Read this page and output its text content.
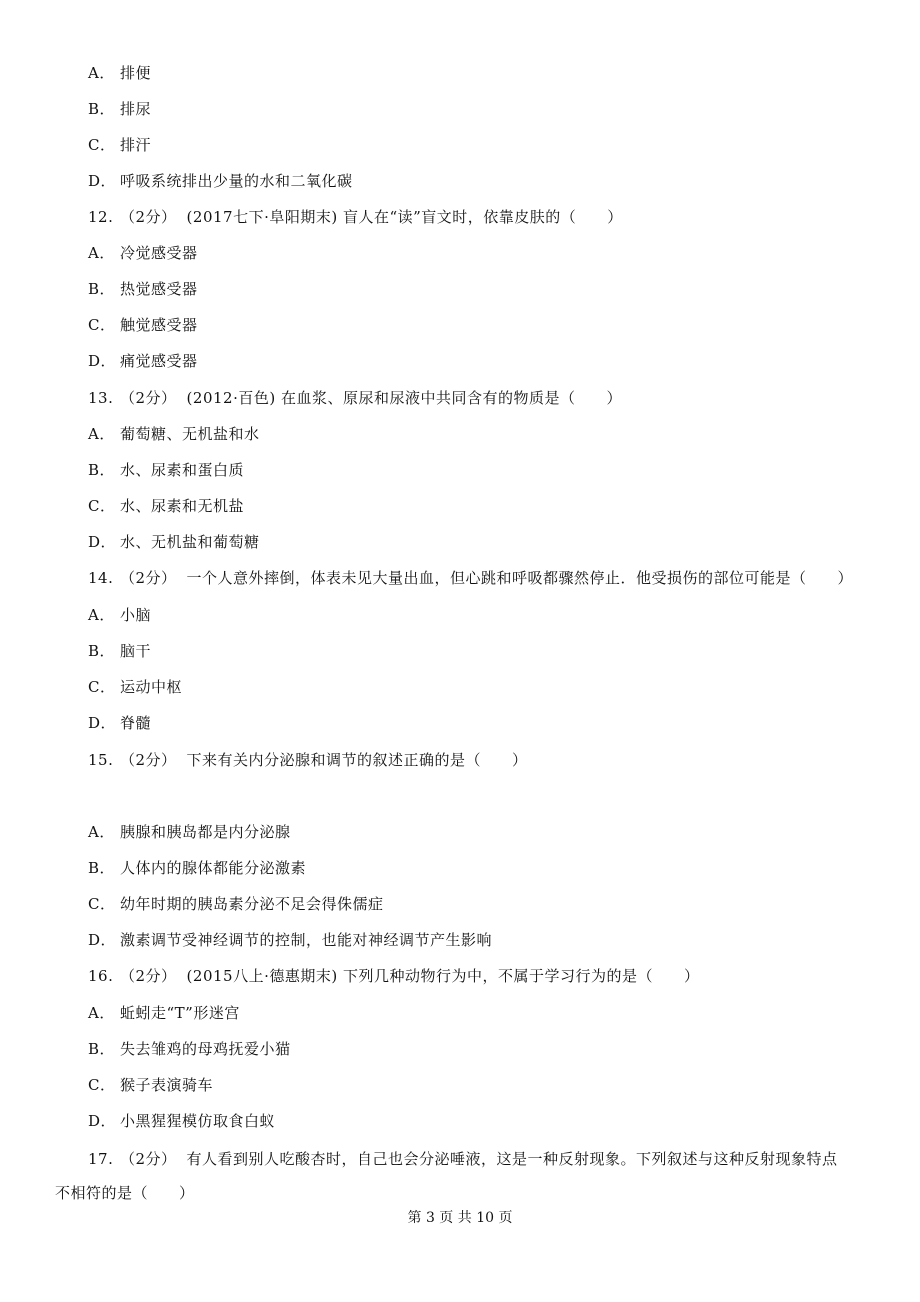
A． 排便
B． 排尿
C． 排汗
D． 呼吸系统排出少量的水和二氧化碳
12. （2分） (2017七下·阜阳期末) 盲人在“读”盲文时，依靠皮肤的（　　）
A． 冷觉感受器
B． 热觉感受器
C． 触觉感受器
D． 痛觉感受器
13. （2分） (2012·百色) 在血浆、原尿和尿液中共同含有的物质是（　　）
A． 葡萄糖、无机盐和水
B． 水、尿素和蛋白质
C． 水、尿素和无机盐
D． 水、无机盐和葡萄糖
14. （2分） 一个人意外摔倒，体表未见大量出血，但心跳和呼吸都骤然停止．他受损伤的部位可能是（　　）
A． 小脑
B． 脑干
C． 运动中枢
D． 脊髓
15. （2分） 下来有关内分泌腺和调节的叙述正确的是（　　）
A． 胰腺和胰岛都是内分泌腺
B． 人体内的腺体都能分泌激素
C． 幼年时期的胰岛素分泌不足会得侏儒症
D． 激素调节受神经调节的控制，也能对神经调节产生影响
16. （2分） (2015八上·德惠期末) 下列几种动物行为中，不属于学习行为的是（　　）
A． 蚯蚓走“T”形迷宫
B． 失去雏鸡的母鸡抚爱小猫
C． 猴子表演骑车
D． 小黑猩猩模仿取食白蚁
17. （2分） 有人看到别人吃酸杏时，自己也会分泌唾液，这是一种反射现象。下列叙述与这种反射现象特点
不相符的是（　　）
第 3 页 共 10 页
